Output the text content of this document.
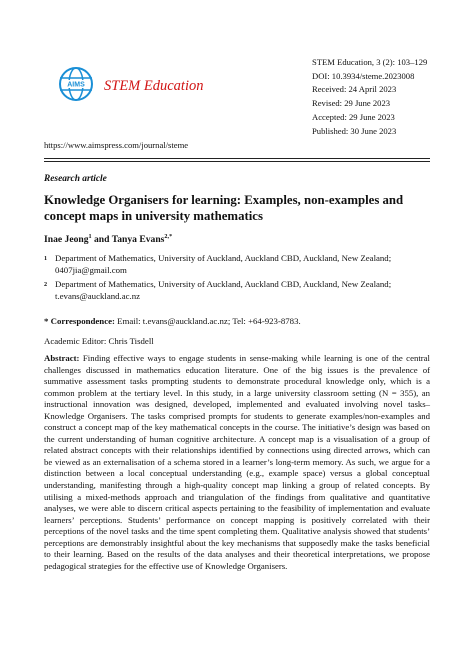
AIMS STEM Education
STEM Education, 3 (2): 103–129
DOI: 10.3934/steme.2023008
Received: 24 April 2023
Revised: 29 June 2023
Accepted: 29 June 2023
Published: 30 June 2023
https://www.aimspress.com/journal/steme
Research article
Knowledge Organisers for learning: Examples, non-examples and concept maps in university mathematics
Inae Jeong$^1$ and Tanya Evans$^{2,*}$
1 Department of Mathematics, University of Auckland, Auckland CBD, Auckland, New Zealand; 0407jia@gmail.com
2 Department of Mathematics, University of Auckland, Auckland CBD, Auckland, New Zealand; t.evans@auckland.ac.nz
* Correspondence: Email: t.evans@auckland.ac.nz; Tel: +64-923-8783.
Academic Editor: Chris Tisdell
Abstract: Finding effective ways to engage students in sense-making while learning is one of the central challenges discussed in mathematics education literature. One of the big issues is the prevalence of summative assessment tasks prompting students to demonstrate procedural knowledge only, which is a common problem at the tertiary level. In this study, in a large university classroom setting (N = 355), an instructional innovation was designed, developed, implemented and evaluated involving novel tasks–Knowledge Organisers. The tasks comprised prompts for students to generate examples/non-examples and construct a concept map of the key mathematical concepts in the course. The initiative’s design was based on the current understanding of human cognitive architecture. A concept map is a visualisation of a group of related abstract concepts with their relationships identified by connections using directed arrows, which can be viewed as an externalisation of a schema stored in a learner’s long-term memory. As such, we argue for a distinction between a local conceptual understanding (e.g., example space) versus a global conceptual understanding, manifesting through a high-quality concept map linking a group of related concepts. By utilising a mixed-methods approach and triangulation of the findings from qualitative and quantitative analyses, we were able to discern critical aspects pertaining to the feasibility of implementation and evaluate learners’ perceptions. Students’ performance on concept mapping is positively correlated with their perceptions of the novel tasks and the time spent completing them. Qualitative analysis showed that students’ perceptions are demonstrably insightful about the key mechanisms that supposedly make the tasks beneficial to their learning. Based on the results of the data analyses and their theoretical interpretations, we propose pedagogical strategies for the effective use of Knowledge Organisers.
